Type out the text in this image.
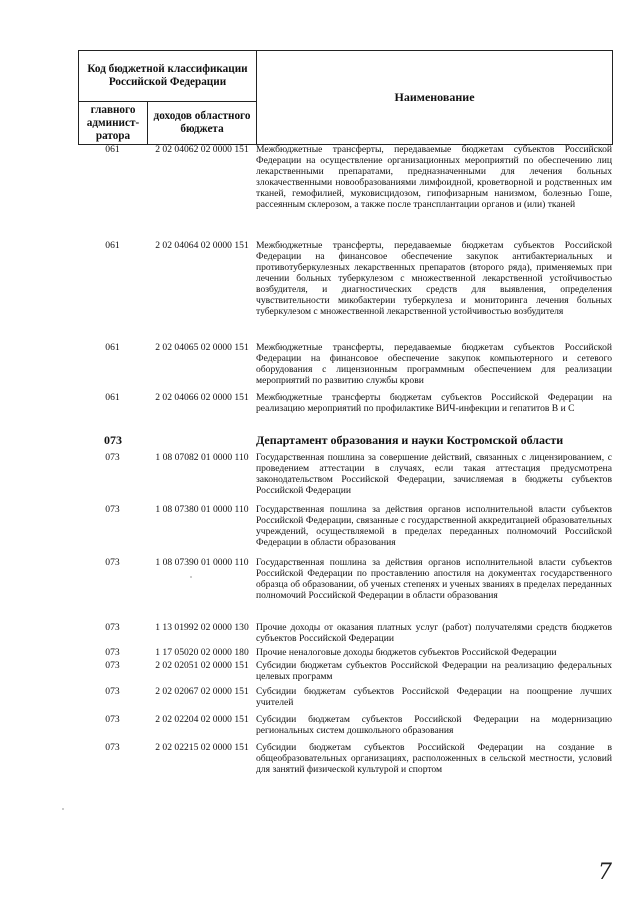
Код бюджетной классификации Российской Федерации		Наименование
главного админист-ратора	доходов областного бюджета	
061	2 02 04062 02 0000 151 Межбюджетные трансферты, передаваемые бюджетам субъектов Российской Федерации на осуществление организационных мероприятий по обеспечению лиц лекарственными препаратами, предназначенными для лечения больных злокачественными новообразованиями лимфоидной, кроветворной и родственных им тканей, гемофилией, муковисцидозом, гипофизарным нанизмом, болезнью Гоше, рассеянным склерозом, а также после трансплантации органов и (или) тканей
061	2 02 04064 02 0000 151 Межбюджетные трансферты, передаваемые бюджетам субъектов Российской Федерации на финансовое обеспечение закупок антибактериальных и противотуберкулезных лекарственных препаратов (второго ряда), применяемых при лечении больных туберкулезом с множественной лекарственной устойчивостью возбудителя, и диагностических средств для выявления, определения чувствительности микобактерии туберкулеза и мониторинга лечения больных туберкулезом с множественной лекарственной устойчивостью возбудителя
061	2 02 04065 02 0000 151 Межбюджетные трансферты, передаваемые бюджетам субъектов Российской Федерации на финансовое обеспечение закупок компьютерного и сетевого оборудования с лицензионным программным обеспечением для реализации мероприятий по развитию службы крови
061	2 02 04066 02 0000 151 Межбюджетные трансферты бюджетам субъектов Российской Федерации на реализацию мероприятий по профилактике ВИЧ-инфекции и гепатитов В и С
073	Департамент образования и науки Костромской области
073	1 08 07082 01 0000 110 Государственная пошлина за совершение действий, связанных с лицензированием, с проведением аттестации в случаях, если такая аттестация предусмотрена законодательством Российской Федерации, зачисляемая в бюджеты субъектов Российской Федерации
073	1 08 07380 01 0000 110 Государственная пошлина за действия органов исполнительной власти субъектов Российской Федерации, связанные с государственной аккредитацией образовательных учреждений, осуществляемой в пределах переданных полномочий Российской Федерации в области образования
073	1 08 07390 01 0000 110 Государственная пошлина за действия органов исполнительной власти субъектов Российской Федерации по проставлению апостиля на документах государственного образца об образовании, об ученых степенях и ученых званиях в пределах переданных полномочий Российской Федерации в области образования
073	1 13 01992 02 0000 130 Прочие доходы от оказания платных услуг (работ) получателями средств бюджетов субъектов Российской Федерации
073	1 17 05020 02 0000 180 Прочие неналоговые доходы бюджетов субъектов Российской Федерации
073	2 02 02051 02 0000 151 Субсидии бюджетам субъектов Российской Федерации на реализацию федеральных целевых программ
073	2 02 02067 02 0000 151 Субсидии бюджетам субъектов Российской Федерации на поощрение лучших учителей
073	2 02 02204 02 0000 151 Субсидии бюджетам субъектов Российской Федерации на модернизацию региональных систем дошкольного образования
073	2 02 02215 02 0000 151 Субсидии бюджетам субъектов Российской Федерации на создание в общеобразовательных организациях, расположенных в сельской местности, условий для занятий физической культурой и спортом
7
